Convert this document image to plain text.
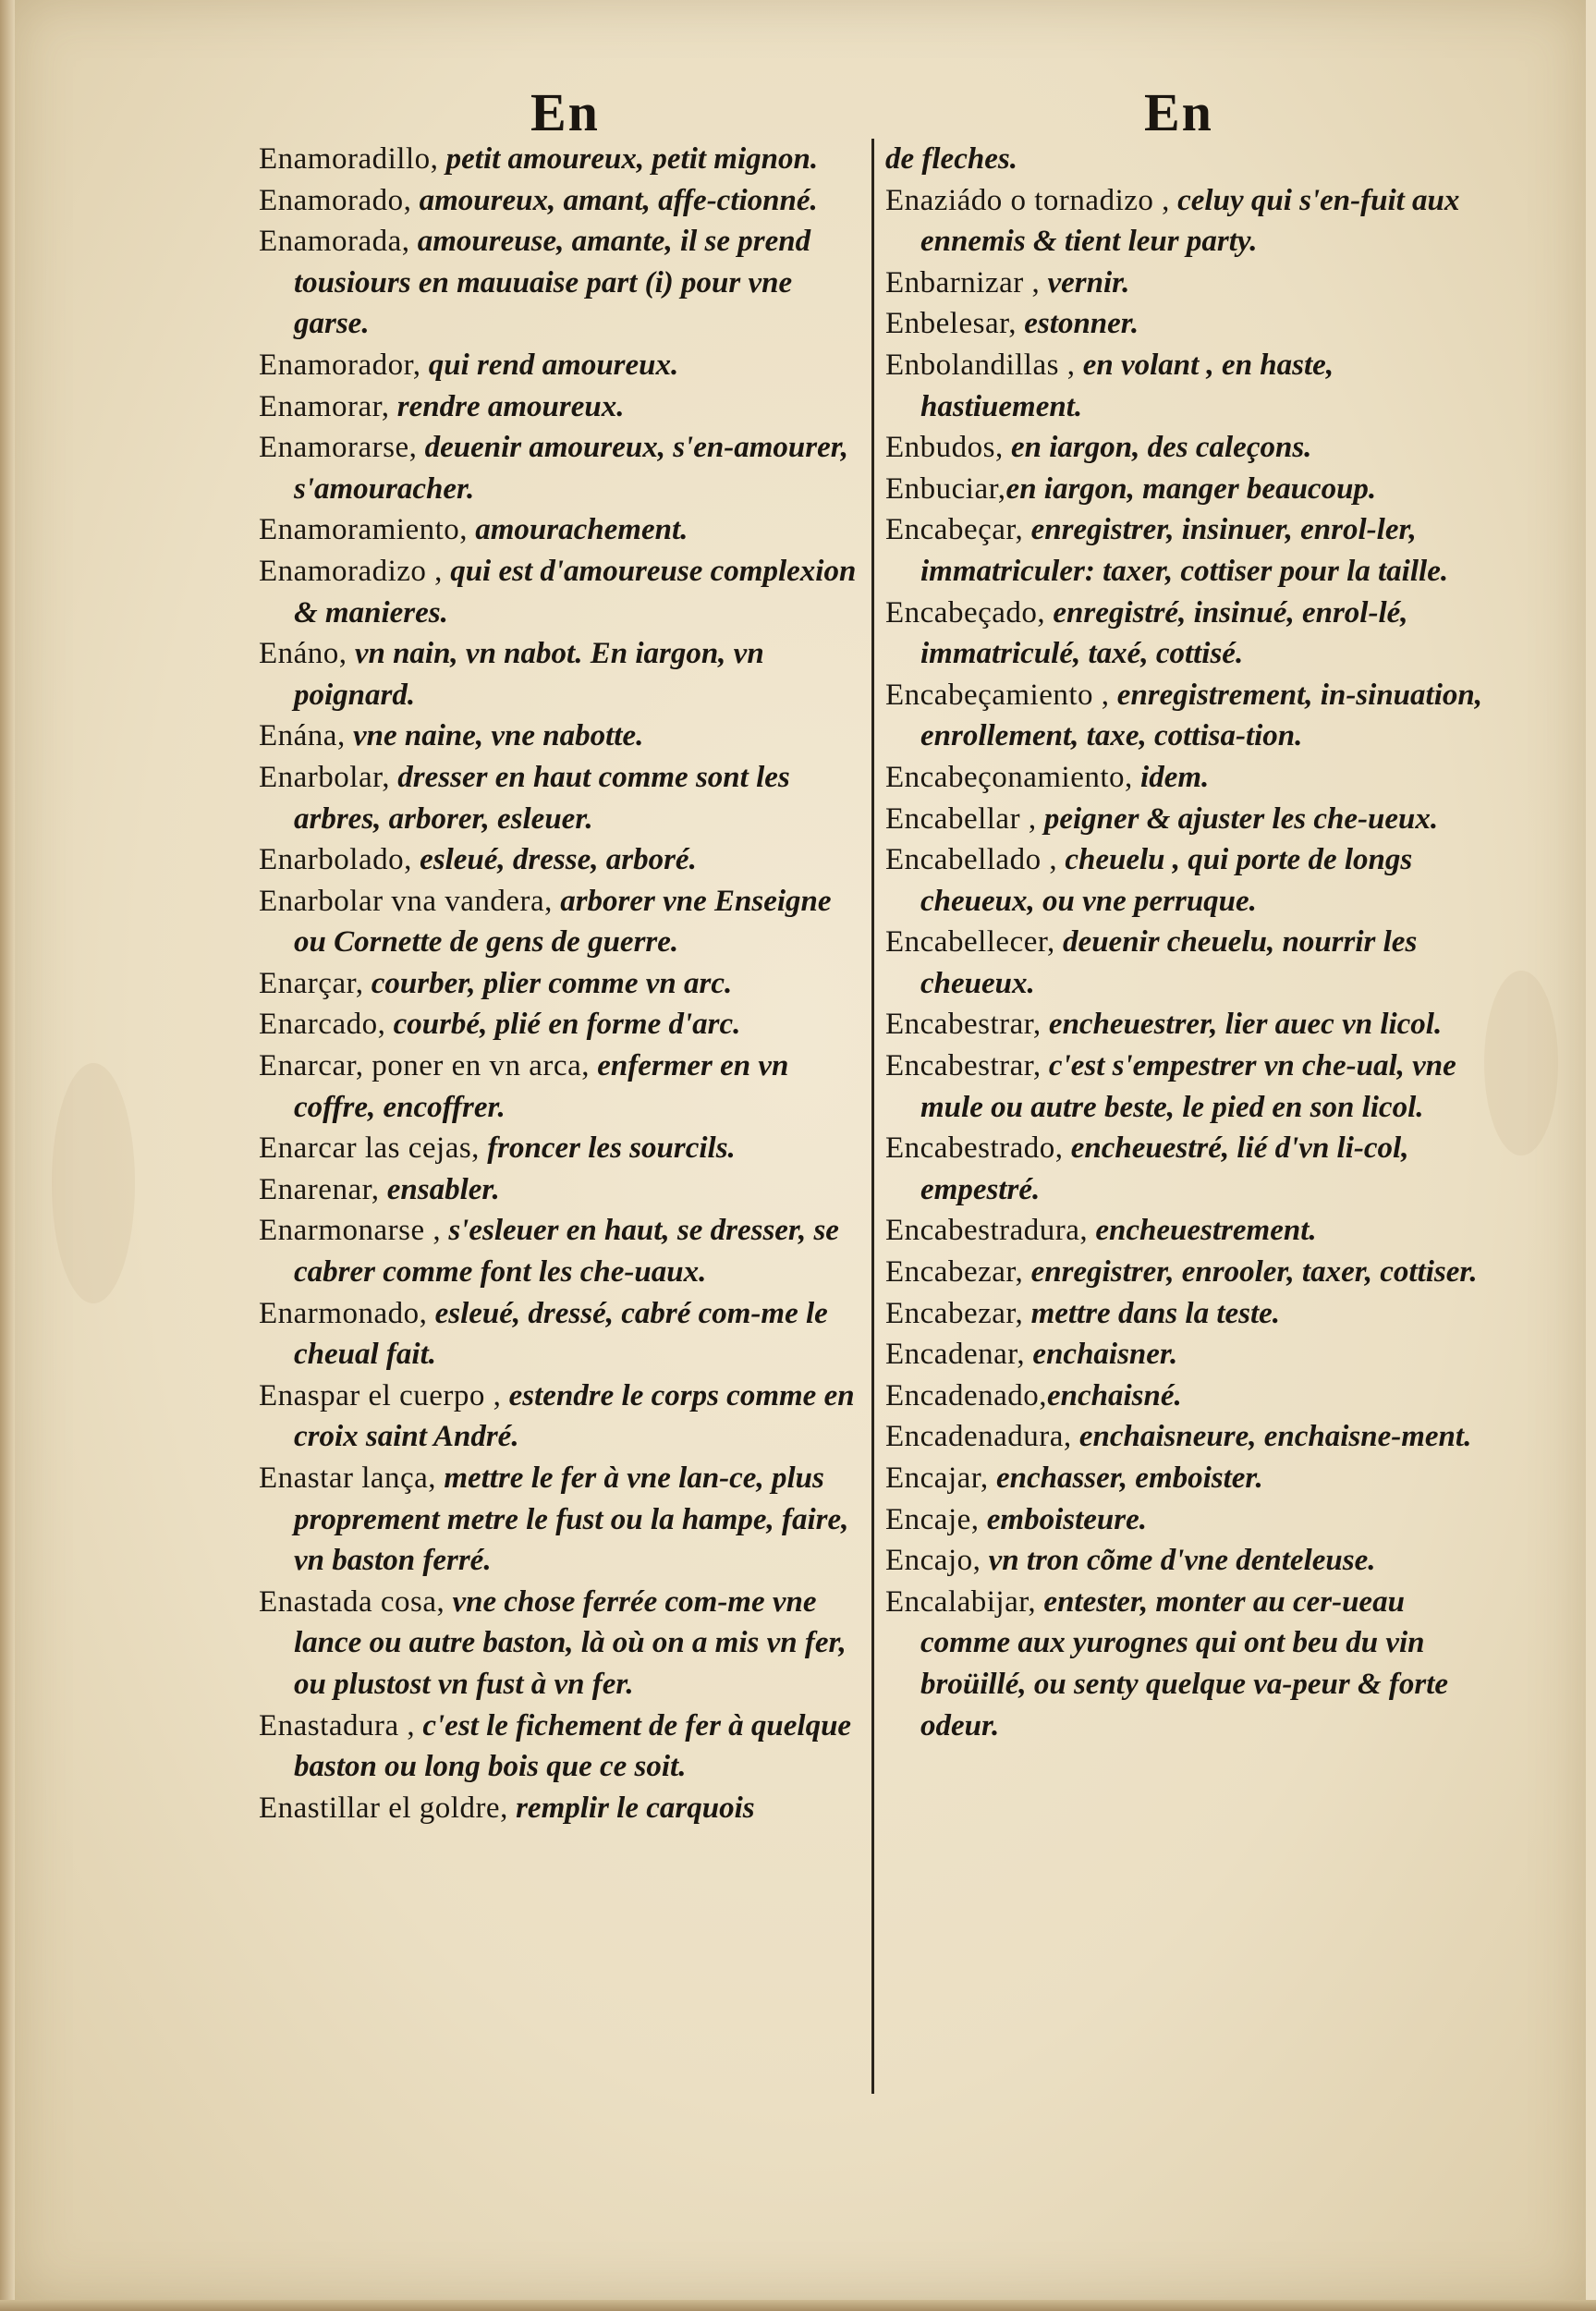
En	En

Enamoradillo, petit amoureux, petit mignon.

Enamorado, amoureux, amant, affe-ctionné.

Enamorada, amoureuse, amante, il se prend tousiours en mauuaise part (i) pour vne garse.

Enamorador, qui rend amoureux.

Enamorar, rendre amoureux.

Enamorarse, deuenir amoureux, s'en-amourer, s'amouracher.

Enamoramiento, amourachement.

Enamoradizo , qui est d'amoureuse complexion & manieres.

Enáno, vn nain, vn nabot. En iargon, vn poignard.

Enána, vne naine, vne nabotte.

Enarbolar, dresser en haut comme sont les arbres, arborer, esleuer.

Enarbolado, esleué, dresse, arboré.

Enarbolar vna vandera, arborer vne Enseigne ou Cornette de gens de guerre.

Enarçar, courber, plier comme vn arc.

Enarcado, courbé, plié en forme d'arc.

Enarcar, poner en vn arca, enfermer en vn coffre, encoffrer.

Enarcar las cejas, froncer les sourcils.

Enarenar, ensabler.

Enarmonarse , s'esleuer en haut, se dresser, se cabrer comme font les che-uaux.

Enarmonado, esleué, dressé, cabré com-me le cheual fait.

Enaspar el cuerpo , estendre le corps comme en croix saint André.

Enastar lança, mettre le fer à vne lan-ce, plus proprement metre le fust ou la hampe, faire, vn baston ferré.

Enastada cosa, vne chose ferrée com-me vne lance ou autre baston, là où on a mis vn fer, ou plustost vn fust à vn fer.

Enastadura , c'est le fichement de fer à quelque baston ou long bois que ce soit.

Enastillar el goldre, remplir le carquois

de fleches.

Enaziádo o tornadizo , celuy qui s'en-fuit aux ennemis & tient leur party.

Enbarnizar , vernir.

Enbelesar, estonner.

Enbolandillas , en volant , en haste, hastiuement.

Enbudos, en iargon, des caleçons.

Enbuciar,en iargon, manger beaucoup.

Encabeçar, enregistrer, insinuer, enrol-ler, immatriculer: taxer, cottiser pour la taille.

Encabeçado, enregistré, insinué, enrol-lé, immatriculé, taxé, cottisé.

Encabeçamiento , enregistrement, in-sinuation, enrollement, taxe, cottisa-tion.

Encabeçonamiento, idem.

Encabellar , peigner & ajuster les che-ueux.

Encabellado , cheuelu , qui porte de longs cheueux, ou vne perruque.

Encabellecer, deuenir cheuelu, nourrir les cheueux.

Encabestrar, encheuestrer, lier auec vn licol.

Encabestrar, c'est s'empestrer vn che-ual, vne mule ou autre beste, le pied en son licol.

Encabestrado, encheuestré, lié d'vn li-col, empestré.

Encabestradura, encheuestrement.

Encabezar, enregistrer, enrooler, taxer, cottiser.

Encabezar, mettre dans la teste.

Encadenar, enchaisner.

Encadenado,enchaisné.

Encadenadura, enchaisneure, enchaisne-ment.

Encajar, enchasser, emboister.

Encaje, emboisteure.

Encajo, vn tron cõme d'vne denteleuse.

Encalabijar, entester, monter au cer-ueau comme aux yurognes qui ont beu du vin broüillé, ou senty quelque va-peur & forte odeur.
